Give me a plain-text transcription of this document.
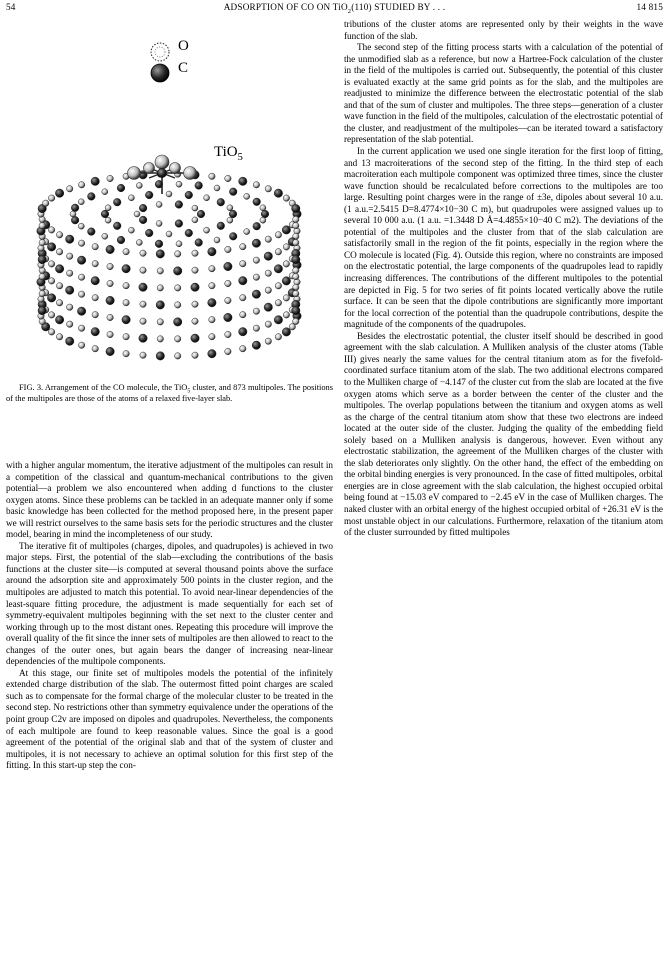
54	ADSORPTION OF CO ON TiO$_2$(110) STUDIED BY . . .	14 815
O
C
TiO$_5$
FIG. 3. Arrangement of the CO molecule, the TiO$_5$ cluster, and 873 multipoles. The positions of the multipoles are those of the atoms of a relaxed five-layer slab.

with a higher angular momentum, the iterative adjustment of the multipoles can result in a competition of the classical and quantum-mechanical contributions to the given potential—a problem we also encountered when adding d functions to the cluster oxygen atoms. Since these problems can be tackled in an adequate manner only if some basic knowledge has been collected for the method proposed here, in the present paper we will restrict ourselves to the same basis sets for the periodic structures and the cluster model, bearing in mind the incompleteness of our study.

The iterative fit of multipoles (charges, dipoles, and quadrupoles) is achieved in two major steps. First, the potential of the slab—excluding the contributions of the basis functions at the cluster site—is computed at several thousand points above the surface around the adsorption site and approximately 500 points in the cluster region, and the multipoles are adjusted to match this potential. To avoid near-linear dependencies of the least-square fitting procedure, the adjustment is made sequentially for each set of symmetry-equivalent multipoles beginning with the set next to the cluster center and working through up to the most distant ones. Repeating this procedure will improve the overall quality of the fit since the inner sets of multipoles are then allowed to react to the changes of the outer ones, but again bears the danger of increasing near-linear dependencies of the multipole components.

At this stage, our finite set of multipoles models the potential of the infinitely extended charge distribution of the slab. The outermost fitted point charges are scaled such as to compensate for the formal charge of the molecular cluster to be treated in the second step. No restrictions other than symmetry equivalence under the operations of the point group C2v are imposed on dipoles and quadrupoles. Nevertheless, the components of each multipole are found to keep reasonable values. Since the goal is a good agreement of the potential of the original slab and that of the system of cluster and multipoles, it is not necessary to achieve an optimal solution for this first step of the fitting. In this start-up step the con-

tributions of the cluster atoms are represented only by their weights in the wave function of the slab.

The second step of the fitting process starts with a calculation of the potential of the unmodified slab as a reference, but now a Hartree-Fock calculation of the cluster in the field of the multipoles is carried out. Subsequently, the potential of this cluster is evaluated exactly at the same grid points as for the slab, and the multipoles are readjusted to minimize the difference between the electrostatic potential of the slab and that of the sum of cluster and multipoles. The three steps—generation of a cluster wave function in the field of the multipoles, calculation of the electrostatic potential of the cluster, and readjustment of the multipoles—can be iterated toward a satisfactory representation of the slab potential.

In the current application we used one single iteration for the first loop of fitting, and 13 macroiterations of the second step of the fitting. In the third step of each macroiteration each multipole component was optimized three times, since the cluster wave function should be recalculated before corrections to the multipoles are too large. Resulting point charges were in the range of ±3e, dipoles about several 10 a.u. (1 a.u.=2.5415 D=8.4774×10−30 C m), but quadrupoles were assigned values up to several 10 000 a.u. (1 a.u. =1.3448 D Å=4.4855×10−40 C m2). The deviations of the potential of the multipoles and the cluster from that of the slab calculation are satisfactorily small in the region of the fit points, especially in the region where the CO molecule is located (Fig. 4). Outside this region, where no constraints are imposed on the electrostatic potential, the large components of the quadrupoles lead to rapidly increasing differences. The contributions of the different multipoles to the potential are depicted in Fig. 5 for two series of fit points located vertically above the rutile surface. It can be seen that the dipole contributions are significantly more important for the local correction of the potential than the quadrupole contributions, despite the magnitude of the components of the quadrupoles.

Besides the electrostatic potential, the cluster itself should be described in good agreement with the slab calculation. A Mulliken analysis of the cluster atoms (Table III) gives nearly the same values for the central titanium atom as for the fivefold-coordinated surface titanium atom of the slab. The two additional electrons compared to the Mulliken charge of −4.147 of the cluster cut from the slab are located at the five oxygen atoms which serve as a border between the center of the cluster and the multipoles. The overlap populations between the titanium and oxygen atoms as well as the charge of the central titanium atom show that these two electrons are indeed located at the outer side of the cluster. Judging the quality of the embedding field solely based on a Mulliken analysis is dangerous, however. Even without any electrostatic stabilization, the agreement of the Mulliken charges of the cluster with the slab deteriorates only slightly. On the other hand, the effect of the embedding on the orbital binding energies is very pronounced. In the case of fitted multipoles, orbital energies are in close agreement with the slab calculation, the highest occupied orbital being found at −15.03 eV compared to −2.45 eV in the case of Mulliken charges. The naked cluster with an orbital energy of the highest occupied orbital of +26.31 eV is the most unstable object in our calculations. Furthermore, relaxation of the titanium atom of the cluster surrounded by fitted multipoles
